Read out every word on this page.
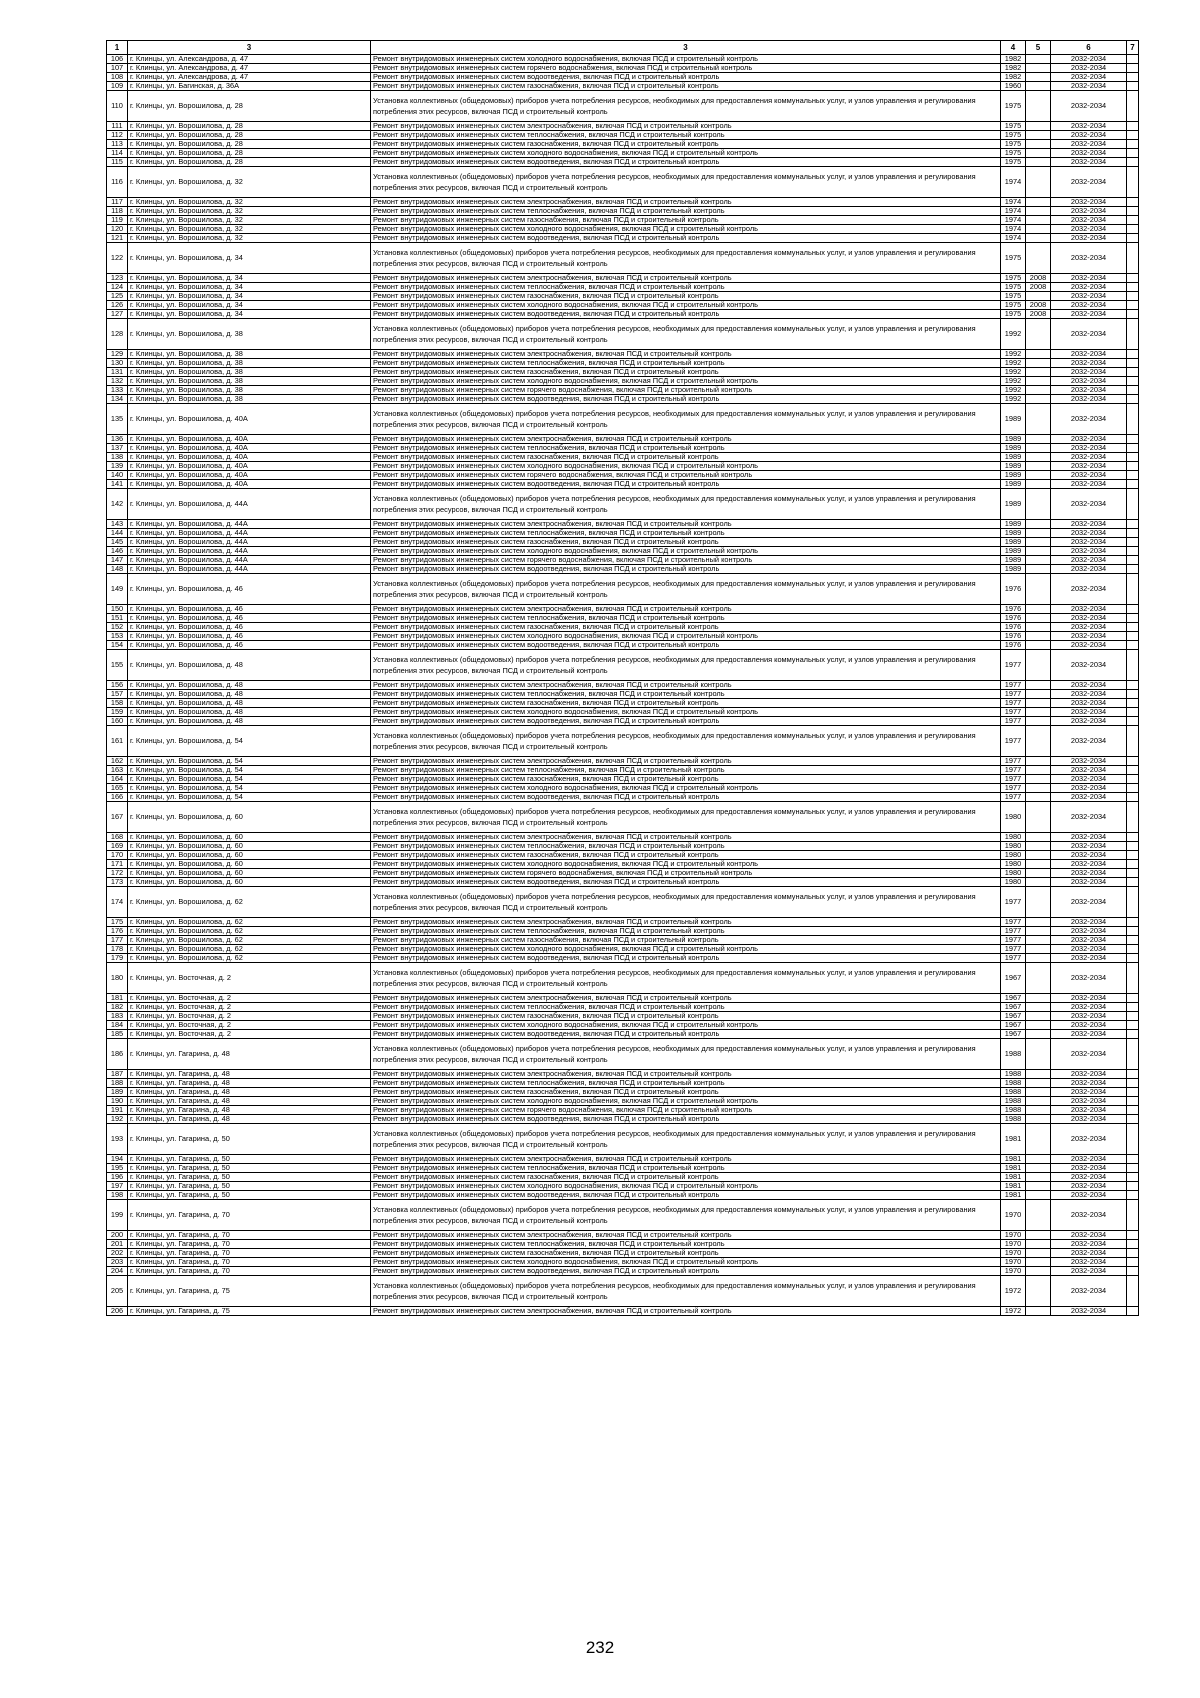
1	3	3	4	5	6	7
106	г. Клинцы, ул. Александрова, д. 47	Ремонт внутридомовых инженерных систем холодного водоснабжения, включая ПСД и строительный контроль	1982		2032-2034	
107	г. Клинцы, ул. Александрова, д. 47	Ремонт внутридомовых инженерных систем горячего водоснабжения, включая ПСД и строительный контроль	1982		2032-2034	
108	г. Клинцы, ул. Александрова, д. 47	Ремонт внутридомовых инженерных систем водоотведения, включая ПСД и строительный контроль	1982		2032-2034	
109	г. Клинцы, ул. Багинская, д. 36А	Ремонт внутридомовых инженерных систем газоснабжения, включая ПСД и строительный контроль	1960		2032-2034	
110	г. Клинцы, ул. Ворошилова, д. 28	Установка коллективных (общедомовых) приборов учета потребления ресурсов, необходимых для предоставления коммунальных услуг, и узлов управления и регулирования потребления этих ресурсов, включая ПСД и строительный контроль	1975		2032-2034	
111	г. Клинцы, ул. Ворошилова, д. 28	Ремонт внутридомовых инженерных систем электроснабжения, включая ПСД и строительный контроль	1975		2032-2034	
112	г. Клинцы, ул. Ворошилова, д. 28	Ремонт внутридомовых инженерных систем теплоснабжения, включая ПСД и строительный контроль	1975		2032-2034	
113	г. Клинцы, ул. Ворошилова, д. 28	Ремонт внутридомовых инженерных систем газоснабжения, включая ПСД и строительный контроль	1975		2032-2034	
114	г. Клинцы, ул. Ворошилова, д. 28	Ремонт внутридомовых инженерных систем холодного водоснабжения, включая ПСД и строительный контроль	1975		2032-2034	
115	г. Клинцы, ул. Ворошилова, д. 28	Ремонт внутридомовых инженерных систем водоотведения, включая ПСД и строительный контроль	1975		2032-2034	
116	г. Клинцы, ул. Ворошилова, д. 32	Установка коллективных (общедомовых) приборов учета потребления ресурсов, необходимых для предоставления коммунальных услуг, и узлов управления и регулирования потребления этих ресурсов, включая ПСД и строительный контроль	1974		2032-2034	
117	г. Клинцы, ул. Ворошилова, д. 32	Ремонт внутридомовых инженерных систем электроснабжения, включая ПСД и строительный контроль	1974		2032-2034	
118	г. Клинцы, ул. Ворошилова, д. 32	Ремонт внутридомовых инженерных систем теплоснабжения, включая ПСД и строительный контроль	1974		2032-2034	
119	г. Клинцы, ул. Ворошилова, д. 32	Ремонт внутридомовых инженерных систем газоснабжения, включая ПСД и строительный контроль	1974		2032-2034	
120	г. Клинцы, ул. Ворошилова, д. 32	Ремонт внутридомовых инженерных систем холодного водоснабжения, включая ПСД и строительный контроль	1974		2032-2034	
121	г. Клинцы, ул. Ворошилова, д. 32	Ремонт внутридомовых инженерных систем водоотведения, включая ПСД и строительный контроль	1974		2032-2034	
122	г. Клинцы, ул. Ворошилова, д. 34	Установка коллективных (общедомовых) приборов учета потребления ресурсов, необходимых для предоставления коммунальных услуг, и узлов управления и регулирования потребления этих ресурсов, включая ПСД и строительный контроль	1975		2032-2034	
123	г. Клинцы, ул. Ворошилова, д. 34	Ремонт внутридомовых инженерных систем электроснабжения, включая ПСД и строительный контроль	1975	2008	2032-2034	
124	г. Клинцы, ул. Ворошилова, д. 34	Ремонт внутридомовых инженерных систем теплоснабжения, включая ПСД и строительный контроль	1975	2008	2032-2034	
125	г. Клинцы, ул. Ворошилова, д. 34	Ремонт внутридомовых инженерных систем газоснабжения, включая ПСД и строительный контроль	1975		2032-2034	
126	г. Клинцы, ул. Ворошилова, д. 34	Ремонт внутридомовых инженерных систем холодного водоснабжения, включая ПСД и строительный контроль	1975	2008	2032-2034	
127	г. Клинцы, ул. Ворошилова, д. 34	Ремонт внутридомовых инженерных систем водоотведения, включая ПСД и строительный контроль	1975	2008	2032-2034	
128	г. Клинцы, ул. Ворошилова, д. 38	Установка коллективных (общедомовых) приборов учета потребления ресурсов, необходимых для предоставления коммунальных услуг, и узлов управления и регулирования потребления этих ресурсов, включая ПСД и строительный контроль	1992		2032-2034	
129	г. Клинцы, ул. Ворошилова, д. 38	Ремонт внутридомовых инженерных систем электроснабжения, включая ПСД и строительный контроль	1992		2032-2034	
130	г. Клинцы, ул. Ворошилова, д. 38	Ремонт внутридомовых инженерных систем теплоснабжения, включая ПСД и строительный контроль	1992		2032-2034	
131	г. Клинцы, ул. Ворошилова, д. 38	Ремонт внутридомовых инженерных систем газоснабжения, включая ПСД и строительный контроль	1992		2032-2034	
132	г. Клинцы, ул. Ворошилова, д. 38	Ремонт внутридомовых инженерных систем холодного водоснабжения, включая ПСД и строительный контроль	1992		2032-2034	
133	г. Клинцы, ул. Ворошилова, д. 38	Ремонт внутридомовых инженерных систем горячего водоснабжения, включая ПСД и строительный контроль	1992		2032-2034	
134	г. Клинцы, ул. Ворошилова, д. 38	Ремонт внутридомовых инженерных систем водоотведения, включая ПСД и строительный контроль	1992		2032-2034	
135	г. Клинцы, ул. Ворошилова, д. 40А	Установка коллективных (общедомовых) приборов учета потребления ресурсов, необходимых для предоставления коммунальных услуг, и узлов управления и регулирования потребления этих ресурсов, включая ПСД и строительный контроль	1989		2032-2034	
136	г. Клинцы, ул. Ворошилова, д. 40А	Ремонт внутридомовых инженерных систем электроснабжения, включая ПСД и строительный контроль	1989		2032-2034	
137	г. Клинцы, ул. Ворошилова, д. 40А	Ремонт внутридомовых инженерных систем теплоснабжения, включая ПСД и строительный контроль	1989		2032-2034	
138	г. Клинцы, ул. Ворошилова, д. 40А	Ремонт внутридомовых инженерных систем газоснабжения, включая ПСД и строительный контроль	1989		2032-2034	
139	г. Клинцы, ул. Ворошилова, д. 40А	Ремонт внутридомовых инженерных систем холодного водоснабжения, включая ПСД и строительный контроль	1989		2032-2034	
140	г. Клинцы, ул. Ворошилова, д. 40А	Ремонт внутридомовых инженерных систем горячего водоснабжения, включая ПСД и строительный контроль	1989		2032-2034	
141	г. Клинцы, ул. Ворошилова, д. 40А	Ремонт внутридомовых инженерных систем водоотведения, включая ПСД и строительный контроль	1989		2032-2034	
142	г. Клинцы, ул. Ворошилова, д. 44А	Установка коллективных (общедомовых) приборов учета потребления ресурсов, необходимых для предоставления коммунальных услуг, и узлов управления и регулирования потребления этих ресурсов, включая ПСД и строительный контроль	1989		2032-2034	
143	г. Клинцы, ул. Ворошилова, д. 44А	Ремонт внутридомовых инженерных систем электроснабжения, включая ПСД и строительный контроль	1989		2032-2034	
144	г. Клинцы, ул. Ворошилова, д. 44А	Ремонт внутридомовых инженерных систем теплоснабжения, включая ПСД и строительный контроль	1989		2032-2034	
145	г. Клинцы, ул. Ворошилова, д. 44А	Ремонт внутридомовых инженерных систем газоснабжения, включая ПСД и строительный контроль	1989		2032-2034	
146	г. Клинцы, ул. Ворошилова, д. 44А	Ремонт внутридомовых инженерных систем холодного водоснабжения, включая ПСД и строительный контроль	1989		2032-2034	
147	г. Клинцы, ул. Ворошилова, д. 44А	Ремонт внутридомовых инженерных систем горячего водоснабжения, включая ПСД и строительный контроль	1989		2032-2034	
148	г. Клинцы, ул. Ворошилова, д. 44А	Ремонт внутридомовых инженерных систем водоотведения, включая ПСД и строительный контроль	1989		2032-2034	
149	г. Клинцы, ул. Ворошилова, д. 46	Установка коллективных (общедомовых) приборов учета потребления ресурсов, необходимых для предоставления коммунальных услуг, и узлов управления и регулирования потребления этих ресурсов, включая ПСД и строительный контроль	1976		2032-2034	
150	г. Клинцы, ул. Ворошилова, д. 46	Ремонт внутридомовых инженерных систем электроснабжения, включая ПСД и строительный контроль	1976		2032-2034	
151	г. Клинцы, ул. Ворошилова, д. 46	Ремонт внутридомовых инженерных систем теплоснабжения, включая ПСД и строительный контроль	1976		2032-2034	
152	г. Клинцы, ул. Ворошилова, д. 46	Ремонт внутридомовых инженерных систем газоснабжения, включая ПСД и строительный контроль	1976		2032-2034	
153	г. Клинцы, ул. Ворошилова, д. 46	Ремонт внутридомовых инженерных систем холодного водоснабжения, включая ПСД и строительный контроль	1976		2032-2034	
154	г. Клинцы, ул. Ворошилова, д. 46	Ремонт внутридомовых инженерных систем водоотведения, включая ПСД и строительный контроль	1976		2032-2034	
155	г. Клинцы, ул. Ворошилова, д. 48	Установка коллективных (общедомовых) приборов учета потребления ресурсов, необходимых для предоставления коммунальных услуг, и узлов управления и регулирования потребления этих ресурсов, включая ПСД и строительный контроль	1977		2032-2034	
156	г. Клинцы, ул. Ворошилова, д. 48	Ремонт внутридомовых инженерных систем электроснабжения, включая ПСД и строительный контроль	1977		2032-2034	
157	г. Клинцы, ул. Ворошилова, д. 48	Ремонт внутридомовых инженерных систем теплоснабжения, включая ПСД и строительный контроль	1977		2032-2034	
158	г. Клинцы, ул. Ворошилова, д. 48	Ремонт внутридомовых инженерных систем газоснабжения, включая ПСД и строительный контроль	1977		2032-2034	
159	г. Клинцы, ул. Ворошилова, д. 48	Ремонт внутридомовых инженерных систем холодного водоснабжения, включая ПСД и строительный контроль	1977		2032-2034	
160	г. Клинцы, ул. Ворошилова, д. 48	Ремонт внутридомовых инженерных систем водоотведения, включая ПСД и строительный контроль	1977		2032-2034	
161	г. Клинцы, ул. Ворошилова, д. 54	Установка коллективных (общедомовых) приборов учета потребления ресурсов, необходимых для предоставления коммунальных услуг, и узлов управления и регулирования потребления этих ресурсов, включая ПСД и строительный контроль	1977		2032-2034	
162	г. Клинцы, ул. Ворошилова, д. 54	Ремонт внутридомовых инженерных систем электроснабжения, включая ПСД и строительный контроль	1977		2032-2034	
163	г. Клинцы, ул. Ворошилова, д. 54	Ремонт внутридомовых инженерных систем теплоснабжения, включая ПСД и строительный контроль	1977		2032-2034	
164	г. Клинцы, ул. Ворошилова, д. 54	Ремонт внутридомовых инженерных систем газоснабжения, включая ПСД и строительный контроль	1977		2032-2034	
165	г. Клинцы, ул. Ворошилова, д. 54	Ремонт внутридомовых инженерных систем холодного водоснабжения, включая ПСД и строительный контроль	1977		2032-2034	
166	г. Клинцы, ул. Ворошилова, д. 54	Ремонт внутридомовых инженерных систем водоотведения, включая ПСД и строительный контроль	1977		2032-2034	
167	г. Клинцы, ул. Ворошилова, д. 60	Установка коллективных (общедомовых) приборов учета потребления ресурсов, необходимых для предоставления коммунальных услуг, и узлов управления и регулирования потребления этих ресурсов, включая ПСД и строительный контроль	1980		2032-2034	
168	г. Клинцы, ул. Ворошилова, д. 60	Ремонт внутридомовых инженерных систем электроснабжения, включая ПСД и строительный контроль	1980		2032-2034	
169	г. Клинцы, ул. Ворошилова, д. 60	Ремонт внутридомовых инженерных систем теплоснабжения, включая ПСД и строительный контроль	1980		2032-2034	
170	г. Клинцы, ул. Ворошилова, д. 60	Ремонт внутридомовых инженерных систем газоснабжения, включая ПСД и строительный контроль	1980		2032-2034	
171	г. Клинцы, ул. Ворошилова, д. 60	Ремонт внутридомовых инженерных систем холодного водоснабжения, включая ПСД и строительный контроль	1980		2032-2034	
172	г. Клинцы, ул. Ворошилова, д. 60	Ремонт внутридомовых инженерных систем горячего водоснабжения, включая ПСД и строительный контроль	1980		2032-2034	
173	г. Клинцы, ул. Ворошилова, д. 60	Ремонт внутридомовых инженерных систем водоотведения, включая ПСД и строительный контроль	1980		2032-2034	
174	г. Клинцы, ул. Ворошилова, д. 62	Установка коллективных (общедомовых) приборов учета потребления ресурсов, необходимых для предоставления коммунальных услуг, и узлов управления и регулирования потребления этих ресурсов, включая ПСД и строительный контроль	1977		2032-2034	
175	г. Клинцы, ул. Ворошилова, д. 62	Ремонт внутридомовых инженерных систем электроснабжения, включая ПСД и строительный контроль	1977		2032-2034	
176	г. Клинцы, ул. Ворошилова, д. 62	Ремонт внутридомовых инженерных систем теплоснабжения, включая ПСД и строительный контроль	1977		2032-2034	
177	г. Клинцы, ул. Ворошилова, д. 62	Ремонт внутридомовых инженерных систем газоснабжения, включая ПСД и строительный контроль	1977		2032-2034	
178	г. Клинцы, ул. Ворошилова, д. 62	Ремонт внутридомовых инженерных систем холодного водоснабжения, включая ПСД и строительный контроль	1977		2032-2034	
179	г. Клинцы, ул. Ворошилова, д. 62	Ремонт внутридомовых инженерных систем водоотведения, включая ПСД и строительный контроль	1977		2032-2034	
180	г. Клинцы, ул. Восточная, д. 2	Установка коллективных (общедомовых) приборов учета потребления ресурсов, необходимых для предоставления коммунальных услуг, и узлов управления и регулирования потребления этих ресурсов, включая ПСД и строительный контроль	1967		2032-2034	
181	г. Клинцы, ул. Восточная, д. 2	Ремонт внутридомовых инженерных систем электроснабжения, включая ПСД и строительный контроль	1967		2032-2034	
182	г. Клинцы, ул. Восточная, д. 2	Ремонт внутридомовых инженерных систем теплоснабжения, включая ПСД и строительный контроль	1967		2032-2034	
183	г. Клинцы, ул. Восточная, д. 2	Ремонт внутридомовых инженерных систем газоснабжения, включая ПСД и строительный контроль	1967		2032-2034	
184	г. Клинцы, ул. Восточная, д. 2	Ремонт внутридомовых инженерных систем холодного водоснабжения, включая ПСД и строительный контроль	1967		2032-2034	
185	г. Клинцы, ул. Восточная, д. 2	Ремонт внутридомовых инженерных систем водоотведения, включая ПСД и строительный контроль	1967		2032-2034	
186	г. Клинцы, ул. Гагарина, д. 48	Установка коллективных (общедомовых) приборов учета потребления ресурсов, необходимых для предоставления коммунальных услуг, и узлов управления и регулирования потребления этих ресурсов, включая ПСД и строительный контроль	1988		2032-2034	
187	г. Клинцы, ул. Гагарина, д. 48	Ремонт внутридомовых инженерных систем электроснабжения, включая ПСД и строительный контроль	1988		2032-2034	
188	г. Клинцы, ул. Гагарина, д. 48	Ремонт внутридомовых инженерных систем теплоснабжения, включая ПСД и строительный контроль	1988		2032-2034	
189	г. Клинцы, ул. Гагарина, д. 48	Ремонт внутридомовых инженерных систем газоснабжения, включая ПСД и строительный контроль	1988		2032-2034	
190	г. Клинцы, ул. Гагарина, д. 48	Ремонт внутридомовых инженерных систем холодного водоснабжения, включая ПСД и строительный контроль	1988		2032-2034	
191	г. Клинцы, ул. Гагарина, д. 48	Ремонт внутридомовых инженерных систем горячего водоснабжения, включая ПСД и строительный контроль	1988		2032-2034	
192	г. Клинцы, ул. Гагарина, д. 48	Ремонт внутридомовых инженерных систем водоотведения, включая ПСД и строительный контроль	1988		2032-2034	
193	г. Клинцы, ул. Гагарина, д. 50	Установка коллективных (общедомовых) приборов учета потребления ресурсов, необходимых для предоставления коммунальных услуг, и узлов управления и регулирования потребления этих ресурсов, включая ПСД и строительный контроль	1981		2032-2034	
194	г. Клинцы, ул. Гагарина, д. 50	Ремонт внутридомовых инженерных систем электроснабжения, включая ПСД и строительный контроль	1981		2032-2034	
195	г. Клинцы, ул. Гагарина, д. 50	Ремонт внутридомовых инженерных систем теплоснабжения, включая ПСД и строительный контроль	1981		2032-2034	
196	г. Клинцы, ул. Гагарина, д. 50	Ремонт внутридомовых инженерных систем газоснабжения, включая ПСД и строительный контроль	1981		2032-2034	
197	г. Клинцы, ул. Гагарина, д. 50	Ремонт внутридомовых инженерных систем холодного водоснабжения, включая ПСД и строительный контроль	1981		2032-2034	
198	г. Клинцы, ул. Гагарина, д. 50	Ремонт внутридомовых инженерных систем водоотведения, включая ПСД и строительный контроль	1981		2032-2034	
199	г. Клинцы, ул. Гагарина, д. 70	Установка коллективных (общедомовых) приборов учета потребления ресурсов, необходимых для предоставления коммунальных услуг, и узлов управления и регулирования потребления этих ресурсов, включая ПСД и строительный контроль	1970		2032-2034	
200	г. Клинцы, ул. Гагарина, д. 70	Ремонт внутридомовых инженерных систем электроснабжения, включая ПСД и строительный контроль	1970		2032-2034	
201	г. Клинцы, ул. Гагарина, д. 70	Ремонт внутридомовых инженерных систем теплоснабжения, включая ПСД и строительный контроль	1970		2032-2034	
202	г. Клинцы, ул. Гагарина, д. 70	Ремонт внутридомовых инженерных систем газоснабжения, включая ПСД и строительный контроль	1970		2032-2034	
203	г. Клинцы, ул. Гагарина, д. 70	Ремонт внутридомовых инженерных систем холодного водоснабжения, включая ПСД и строительный контроль	1970		2032-2034	
204	г. Клинцы, ул. Гагарина, д. 70	Ремонт внутридомовых инженерных систем водоотведения, включая ПСД и строительный контроль	1970		2032-2034	
205	г. Клинцы, ул. Гагарина, д. 75	Установка коллективных (общедомовых) приборов учета потребления ресурсов, необходимых для предоставления коммунальных услуг, и узлов управления и регулирования потребления этих ресурсов, включая ПСД и строительный контроль	1972		2032-2034	
206	г. Клинцы, ул. Гагарина, д. 75	Ремонт внутридомовых инженерных систем электроснабжения, включая ПСД и строительный контроль	1972		2032-2034	
232
